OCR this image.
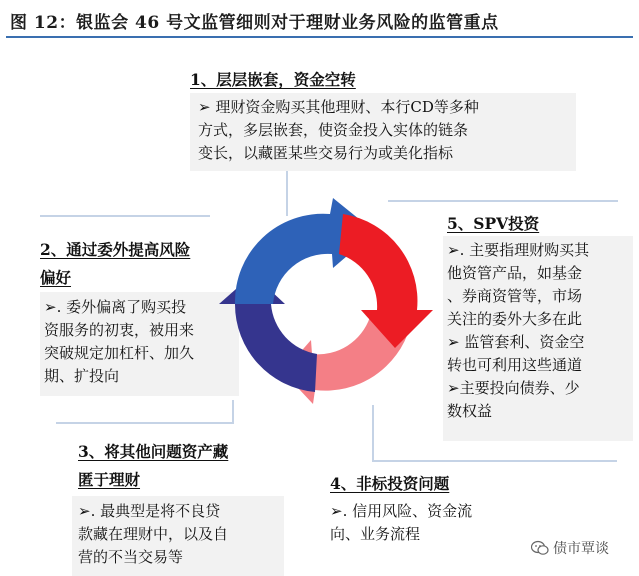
图 12：银监会 46 号文监管细则对于理财业务风险的监管重点
1、层层嵌套，资金空转
➢ 理财资金购买其他理财、本行CD等多种
方式，多层嵌套，使资金投入实体的链条
变长，以藏匿某些交易行为或美化指标
2、通过委外提高风险
偏好
➢. 委外偏离了购买投
资服务的初衷，被用来
突破规定加杠杆、加久
期、扩投向
3、将其他问题资产藏
匿于理财
➢. 最典型是将不良贷
款藏在理财中，以及自
营的不当交易等
4、非标投资问题
➢. 信用风险、资金流
向、业务流程
5、SPV投资
➢. 主要指理财购买其
他资管产品，如基金
、券商资管等，市场
关注的委外大多在此
➢ 监管套利、资金空
转也可利用这些通道
➢主要投向债券、少
数权益
债市覃谈
